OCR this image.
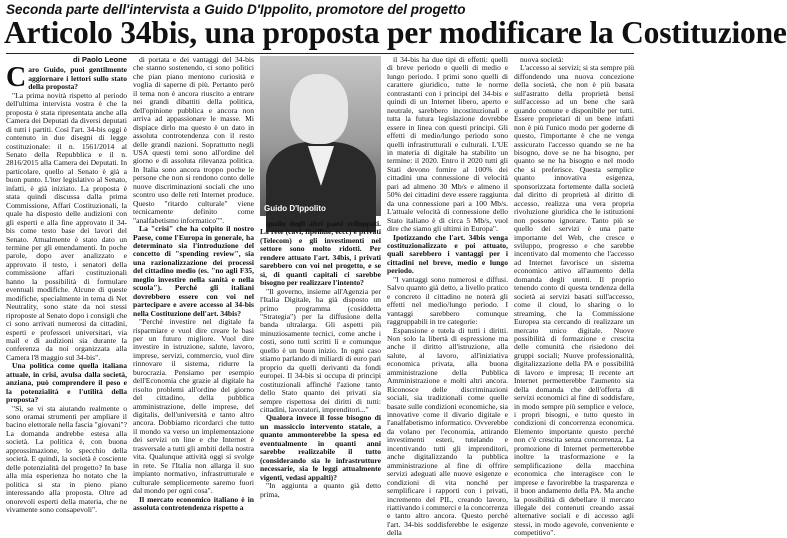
Seconda parte dell'intervista a Guido D'Ippolito, promotore del progetto
Articolo 34bis, una proposta per modificare la Costituzione
di Paolo Leone
C aro Guido, puoi gentilmente aggiornare i lettori sullo stato della proposta?

"La prima novità rispetto al periodo dell'ultima intervista vostra è che la proposta è stata ripresentata anche alla Camera dei Deputati da diversi deputati di tutti i partiti. Così l'art. 34-bis oggi è contenuto in due disegni di legge costituzionale: il n. 1561/2014 al Senato della Repubblica e il n. 2816/2015 alla Camera dei Deputati. In particolare, quello al Senato è già a buon punto. L'iter legislativo al Senato, infatti, è già iniziato. La proposta è stata quindi discussa dalla prima Commissione, Affari Costituzionali, la quale ha disposto delle audizioni con gli esperti e alla fine approvato il 34-bis come testo base dei lavori del Senato. Attualmente è stato dato un termine per gli emendamenti. In poche parole, dopo aver analizzato e approvato il testo, i senatori della commissione affari costituzionali hanno la possibilità di formulare eventuali modifiche. Alcune di queste modifiche, specialmente in tema di Net Neutrality, sono state da noi stessi riproposte al Senato dopo i consigli che ci sono arrivati numerosi da cittadini, esperti e professori universitari, via mail e di audizioni sia durante la conferenza da noi organizzata alla Camera l'8 maggio sul 34-bis".

Una politica come quella italiana attuale, in crisi, avulsa dalla società, anziana, può comprendere il peso e la potenzialità e l'utilità della proposta?

"Sì, se vi sta aiutando realmente o sono oramai strumenti per ampliare il bacino elettorale nella fascia "giovani"? La domanda andrebbe estesa alla società. La politica è, con buona approssimazione, lo specchio della società. E quindi, la società è cosciente delle potenzialità del progetto? In base alla mia esperienza ho notato che la politica si sta in pieno piano interessando alla proposta. Oltre ad onorevoli esperti della materia, che ne vivamente sono consapevoli".

di portata e dei vantaggi del 34-bis che stanno sostenendo, ci sono politici che pian piano mentono curiosità e voglia di saperne di più. Pertanto però il tema non è ancora riuscito a entrare nei grandi dibattiti della politica, dell'opinione pubblica e ancora non arriva ad appassionare le masse. Mi dispiace dirlo ma questo è un dato in assoluta controtendenza con il resto delle grandi nazioni. Soprattutto negli USA questi temi sono all'ordine del giorno e di assoluta rilevanza politica. In Italia sono ancora troppo poche le persone che non si rendono conto delle nuove discriminazioni sociali che uno scontro uso delle reti Internet produce. Questo "ritardo culturale" viene tecnicamente definito come "analfabetismo informatico"".

La "crisi" che ha colpito il nostro Paese, come l'Europa in generale, ha determinato sia l'introduzione del concetto di "spending review", sia una razionalizzazione dei processi del cittadino medio (es. "no agli F35, meglio investire nella sanità e nella scuola"). Perché gli italiani dovrebbero essere con voi nel partecipare e avere accesso al 34-bis nella Costituzione dell'art. 34bis?

"Perché investire nel digitale fa risparmiare e vuol dire creare le basi per un futuro migliore. Vuol dire investire in istruzione, salute, lavoro, imprese, servizi, commercio, vuol dire rinnovare il sistema, ridurre la burocrazia. Pensiamo per esempio dell'Economia che grazie al digitale ha risolto problemi all'ordine del giorno del cittadino, della pubblica amministrazione, delle imprese, del digitalis, dell'università e tanto altro ancora. Dobbiamo ricordarci che tutto il mondo va verso un implementazione dei servizi on line e che Internet è trasversale a tutti gli ambiti della nostra vita. Qualunque attività oggi si svolge in rete. Se l'Italia non allarga il suo impianto normativo, infrastrutturale e culturale semplicemente saremo fuori dal mondo per ogni cosa".

Il mercato economico italiano è in assoluta controtendenza rispetto a

Guido D'Ippolito

quello degli altri paesi sviluppati. La rete (cavi, fipelline, eccc) e privati (Telecom) e gli investimenti nel settore sono molto ridotti. Per rendere attuato l'art. 34bis, i privati sarebbero con voi nel progetto, e se sì, di quanti capitali ci sarebbe bisogno per realizzare l'intento?

"Il governo, insieme all'Agenzia per l'Italia Digitale, ha già disposto un primo programma (cosiddetta "Strategia") per la diffusione della banda ultralarga. Gli aspetti più minuziosamente tecnici, come anche i costi, sono tutti scritti lì e comunque quello è un buon inizio. In ogni caso stiamo parlando di miliardi di euro pari proprio da quelli derivanti da fondi europei. Il 34-bis si occupa di principi costituzionali affinché l'azione tanto dello Stato quanto dei privati sia sempre rispettosa dei diritti di tutti: cittadini, lavoratori, imprenditori..."

Qualora invece il fosse bisogno di un massiccio intervento statale, a quanto ammonterebbe la spesa ed eventualmente in quanti anni sarebbe realizzabile il tutto (considerando sia le infrastrutture necessarie, sia le leggi attualmente vigenti, vedasi appalti)?

"In aggiunta a quanto già detto prima,

il 34-bis ha due tipi di effetti: quelli di breve periodo e quelli di medio e lungo periodo. I primi sono quelli di carattere giuridico, tutte le norme contrastanti con i principi del 34-bis e quindi di un Internet libero, aperto e neutrale, sarebbero incostituzionali e tutta la futura legislazione dovrebbe essere in linea con questi principi. Gli effetti di medio/lungo periodo sono quelli infrastrutturali e culturali. L'UE in materia di digitale ha stabilito un termine: il 2020. Entro il 2020 tutti gli Stati devono fornire al 100% dei cittadini una connessione di velocità pari ad almeno 30 Mb/s e almeno il 50% dei cittadini deve essere raggiunta da una connessione pari a 100 Mb/s. L'attuale velocità di connessione dello Stato italiano è di circa 5 Mb/s, vuol dire che siamo gli ultimi in Europa".

Ipotizzando che l'art. 34bis venga costituzionalizzato e poi attuato, quali sarebbero i vantaggi per i cittadini nel breve, medio e lungo periodo.

"I vantaggi sono numerosi e diffusi. Salvo quanto già detto, a livello pratico e concreto il cittadino ne noterà gli effetti nel medio/lungo periodo. I vantaggi sarebbero comunque raggruppabili in tre categorie:

Espansione e tutela di tutti i diritti. Non solo la libertà di espressione ma anche il diritto all'istruzione, alla salute, al lavoro, all'iniziativa economica privata, alla buona amministrazione della Pubblica Amministrazione e molti altri ancora. Riconosce delle discriminazioni sociali, sia tradizionali come quelle basate sulle condizioni economiche, sia innovative come il divario digitale e l'analfabetismo informatico. Ovverebbe da volano per l'economia, attirando investimenti esteri, tutelando e incentivando tutti gli imprenditori, anche digitalizzando la pubblica amministrazione al fine di offrire servizi adeguati alle nuove esigenze e condizioni di vita nonché per semplificare i rapporti con i privati, incremento del PIL, creando lavoro, riattivando i commerci e la concorrenza e tanto altro ancora. Questo perché l'art. 34-bis soddisferebbe le esigenze della

nuova società:

L'accesso ai servizi; si sta sempre più diffondendo una nuova concezione della società, che non è più basata sull'astratto della proprietà bensì sull'accesso ad un bene che sarà quando comune e disponibile per tutti. Essere proprietari di un bene infatti non è più l'unico modo per goderne di questo, l'importante è che ne venga assicurato l'accesso quando se ne ha bisogno, dove se ne ha bisogno, per quanto se ne ha bisogno e nel modo che si preferisce. Questa semplice quanto innovativa esigenza, sponsorizzata fortemente dalla società dal diritto di proprietà al diritto di accesso, realizza una vera propria rivoluzione giuridica che le istituzioni non possono ignorare. Tanto più se quello dei servizi è una parte importante del Web, che cresce e sviluppo, progresso e che sarebbe incentivato dal momento che l'accesso ad Internet favorisce un sistema economico attivo all'aumento della domanda degli utenti. Il proprio tenendo conto di questa tendenza della società ai servizi basati sull'accesso, come il cloud, lo sharing o lo streaming, che la Commissione Europea sta cercando di realizzare un mercato unico digitale. Nuove possibilità di formazione e crescita delle comunità che risiedono dei gruppi sociali; Nuove professionalità, digitalizzazione della PA e possibilità di lavoro e impresa; Il recente art Internet permetterebbe l'aumento sia della domanda che dell'offerta di servizi economici al fine di soddisfare, in modo sempre più semplice e veloce, i propri bisogni, e tutto questo in condizioni di concorrenza economica. Elemento importante questo perché non c'è crescita senza concorrenza. La promozione di Internet permetterebbe inoltre la trasformazione e la semplificazione della macchina economica che interagisce con le imprese e favorirebbe la trasparenza e il buon andamento della PA. Ma anche la possibilità di debellare il mercato illegale dei contenuti creando assai alternative sociali e di accesso agli stessi, in modo agevole, conveniente e competitivo".
